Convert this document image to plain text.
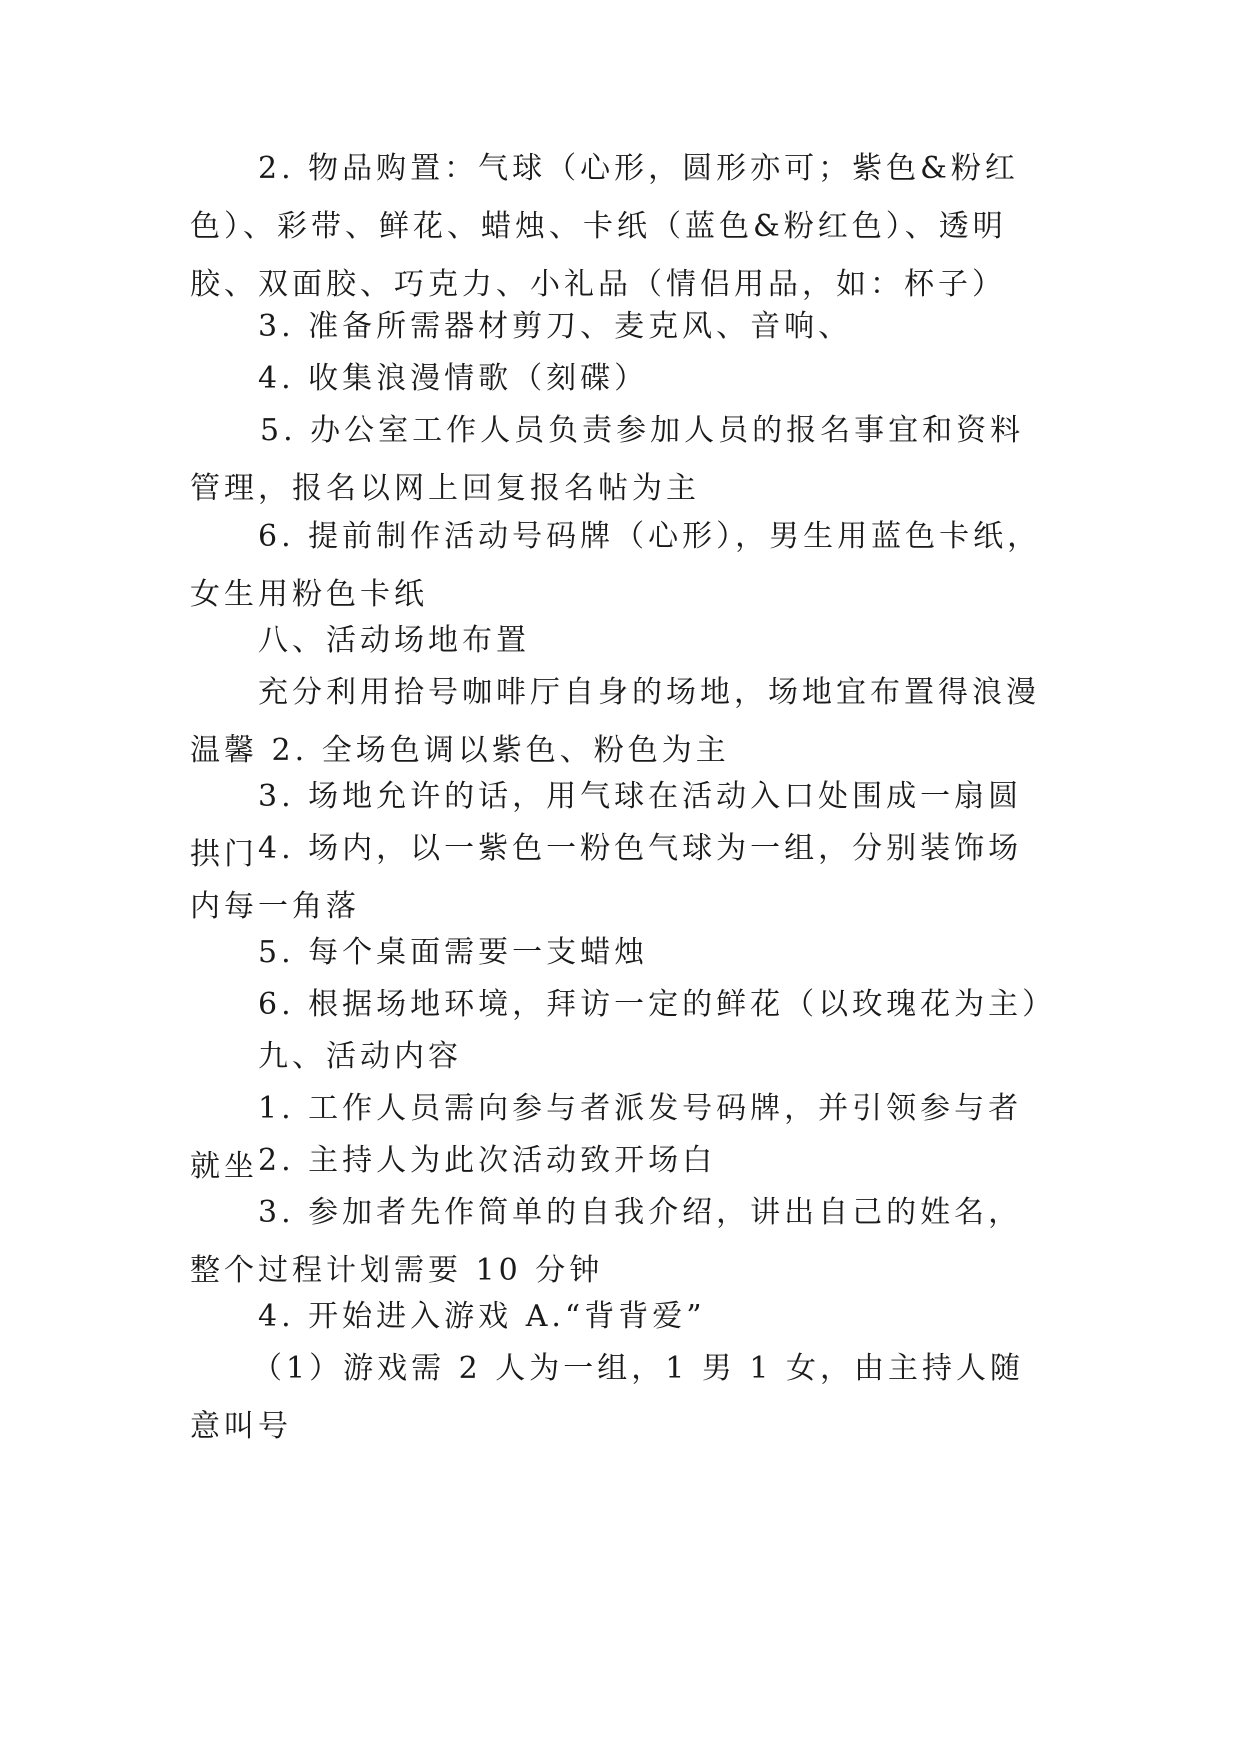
2. 物品购置：气球（心形，圆形亦可；紫色&粉红色）、彩带、鲜花、蜡烛、卡纸（蓝色&粉红色）、透明胶、双面胶、巧克力、小礼品（情侣用品，如：杯子）

3. 准备所需器材剪刀、麦克风、音响、

4. 收集浪漫情歌（刻碟）

5. 办公室工作人员负责参加人员的报名事宜和资料管理，报名以网上回复报名帖为主

6. 提前制作活动号码牌（心形），男生用蓝色卡纸，女生用粉色卡纸

八、活动场地布置

充分利用拾号咖啡厅自身的场地，场地宜布置得浪漫温馨 2. 全场色调以紫色、粉色为主

3. 场地允许的话，用气球在活动入口处围成一扇圆拱门 4. 场内，以一紫色一粉色气球为一组，分别装饰场内每一角落

5. 每个桌面需要一支蜡烛

6. 根据场地环境，拜访一定的鲜花（以玫瑰花为主）

九、活动内容

1. 工作人员需向参与者派发号码牌，并引领参与者就坐 2. 主持人为此次活动致开场白

3. 参加者先作简单的自我介绍，讲出自己的姓名，整个过程计划需要 10 分钟

4. 开始进入游戏 A.“背背爱”

（1）游戏需 2 人为一组，1 男 1 女，由主持人随意叫号
